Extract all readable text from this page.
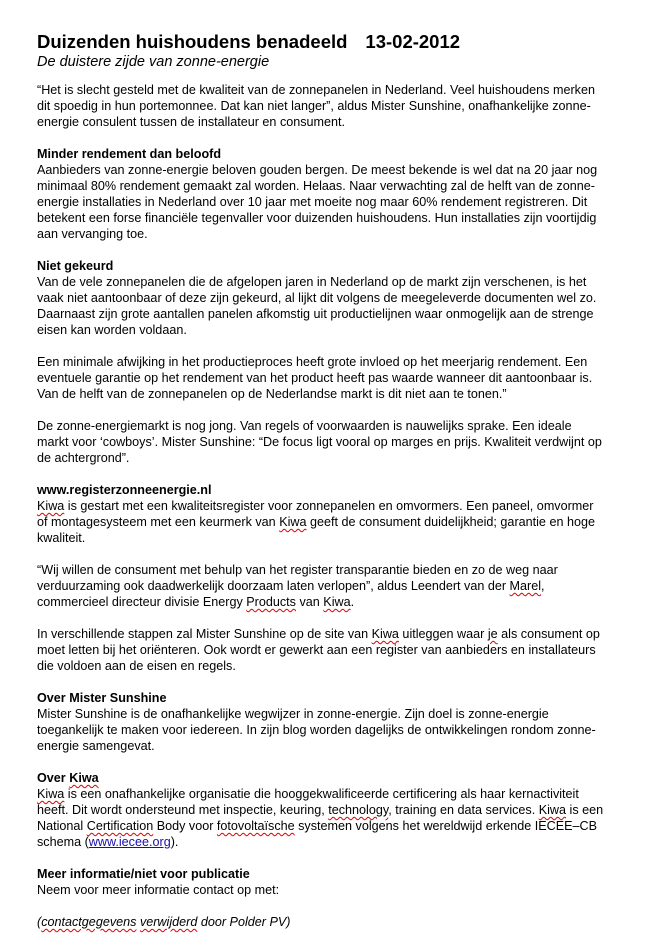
Duizenden huishoudens benadeeld 13-02-2012

De duistere zijde van zonne-energie

“Het is slecht gesteld met de kwaliteit van de zonnepanelen in Nederland. Veel huishoudens merken
dit spoedig in hun portemonnee. Dat kan niet langer”, aldus Mister Sunshine, onafhankelijke zonne-
energie consulent tussen de installateur en consument.

Minder rendement dan beloofd
Aanbieders van zonne-energie beloven gouden bergen. De meest bekende is wel dat na 20 jaar nog
minimaal 80% rendement gemaakt zal worden. Helaas. Naar verwachting zal de helft van de zonne-
energie installaties in Nederland over 10 jaar met moeite nog maar 60% rendement registreren. Dit
betekent een forse financiële tegenvaller voor duizenden huishoudens. Hun installaties zijn voortijdig
aan vervanging toe.

Niet gekeurd
Van de vele zonnepanelen die de afgelopen jaren in Nederland op de markt zijn verschenen, is het
vaak niet aantoonbaar of deze zijn gekeurd, al lijkt dit volgens de meegeleverde documenten wel zo.
Daarnaast zijn grote aantallen panelen afkomstig uit productielijnen waar onmogelijk aan de strenge
eisen kan worden voldaan.

Een minimale afwijking in het productieproces heeft grote invloed op het meerjarig rendement. Een
eventuele garantie op het rendement van het product heeft pas waarde wanneer dit aantoonbaar is.
Van de helft van de zonnepanelen op de Nederlandse markt is dit niet aan te tonen.”

De zonne-energiemarkt is nog jong. Van regels of voorwaarden is nauwelijks sprake. Een ideale
markt voor ‘cowboys’. Mister Sunshine: “De focus ligt vooral op marges en prijs. Kwaliteit verdwijnt op
de achtergrond”.

www.registerzonneenergie.nl
Kiwa is gestart met een kwaliteitsregister voor zonnepanelen en omvormers. Een paneel, omvormer
of montagesysteem met een keurmerk van Kiwa geeft de consument duidelijkheid; garantie en hoge
kwaliteit.

“Wij willen de consument met behulp van het register transparantie bieden en zo de weg naar
verduurzaming ook daadwerkelijk doorzaam laten verlopen”, aldus Leendert van der Marel,
commercieel directeur divisie Energy Products van Kiwa.

In verschillende stappen zal Mister Sunshine op de site van Kiwa uitleggen waar je als consument op
moet letten bij het oriënteren. Ook wordt er gewerkt aan een register van aanbieders en installateurs
die voldoen aan de eisen en regels.

Over Mister Sunshine
Mister Sunshine is de onafhankelijke wegwijzer in zonne-energie. Zijn doel is zonne-energie
toegankelijk te maken voor iedereen. In zijn blog worden dagelijks de ontwikkelingen rondom zonne-
energie samengevat.

Over Kiwa
Kiwa is een onafhankelijke organisatie die hooggekwalificeerde certificering als haar kernactiviteit
heeft. Dit wordt ondersteund met inspectie, keuring, technology, training en data services. Kiwa is een
National Certification Body voor fotovoltaïsche systemen volgens het wereldwijd erkende IECEE–CB
schema (www.iecee.org).

Meer informatie/niet voor publicatie
Neem voor meer informatie contact op met:

(contactgegevens verwijderd door Polder PV)
